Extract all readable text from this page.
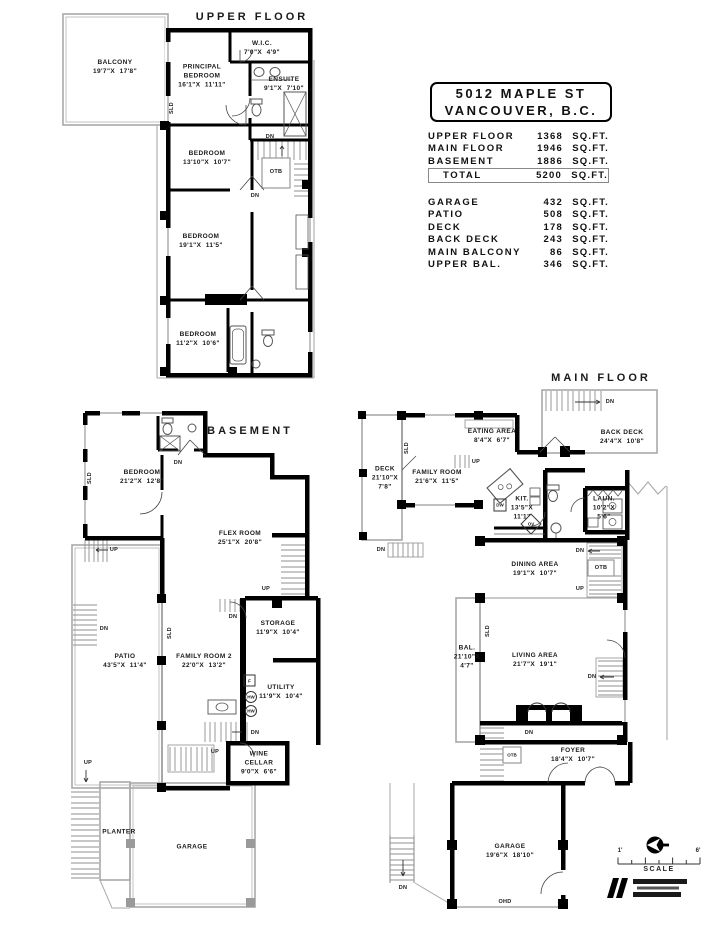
UPPER FLOOR
BASEMENT
MAIN FLOOR
BALCONY
19'7"X  17'8"
PRINCIPAL BEDROOM
16'1"X  11'11"
W.I.C.
7'0"X  4'9"
ENSUITE
9'1"X  7'10"
BEDROOM
13'10"X  10'7"
BEDROOM
19'1"X  11'5"
BEDROOM
11'2"X  10'6"
BEDROOM
21'2"X  12'8"
FLEX ROOM
25'1"X  20'8"
PATIO
43'5"X  11'4"
FAMILY ROOM 2
22'0"X  13'2"
STORAGE
11'9"X  10'4"
UTILITY
11'9"X  10'4"
WINE CELLAR
9'0"X  6'6"
PLANTER
GARAGE
EATING AREA
8'4"X  6'7"
BACK DECK
24'4"X  10'8"
DECK
21'10"X
7'8"
FAMILY ROOM
21'6"X  11'5"
KIT.
13'5"X
11'1"
LAUN.
10'2"X
5'6"
DINING AREA
19'1"X  10'7"
LIVING AREA
21'7"X  19'1"
BAL.
21'10"X
4'7"
FOYER
18'4"X  10'7"
GARAGE
19'6"X  18'10"
SLD
DN
OTB
DN
DN
SLD
UP
UP
DN
SLD
DN
DN
UP
UP
F
HW
HW
DN
SLD
UP
DW
OV
DN	DN
OTB
UP
SLD
DN
DN
OTB
DN
OHD
5012 MAPLE ST
VANCOUVER, B.C.
UPPER FLOOR	1368 SQ.FT.
MAIN FLOOR	1946 SQ.FT.
BASEMENT	1886 SQ.FT.
TOTAL	5200 SQ.FT.
GARAGE	432 SQ.FT.
PATIO	508 SQ.FT.
DECK	178 SQ.FT.
BACK DECK	243 SQ.FT.
MAIN BALCONY	86 SQ.FT.
UPPER BAL.	346 SQ.FT.
1'	6'
SCALE
